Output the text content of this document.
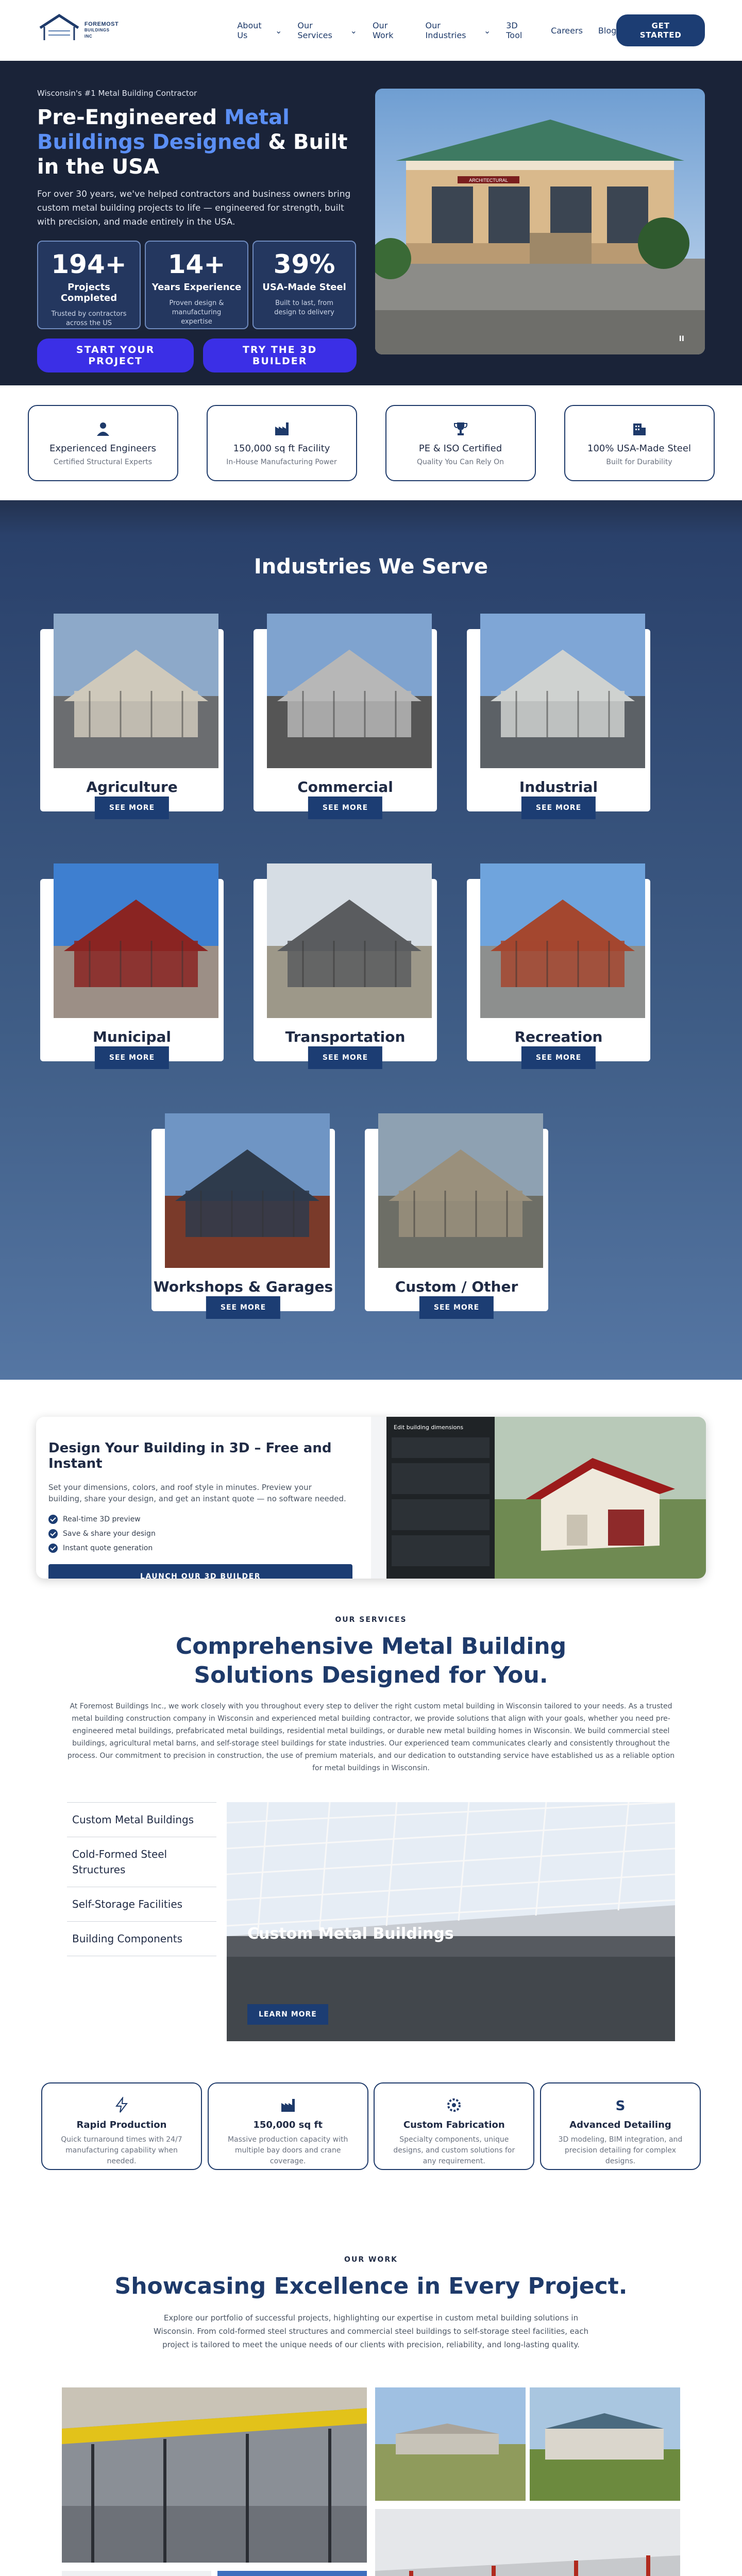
FOREMOST
BUILDINGS INC
About Us	⌄ Our Services	⌄ Our Work
Our Industries	⌄ 3D Tool	Careers Blog	GET STARTED
Wisconsin's #1 Metal Building Contractor
Pre-Engineered Metal Buildings Designed & Built in the USA

For over 30 years, we've helped contractors and business owners bring custom metal building projects to life — engineered for strength, built with precision, and made entirely in the USA.

194+
Projects Completed
Trusted by contractors across the US
14+
Years Experience
Proven design & manufacturing expertise
39%
USA-Made Steel
Built to last, from design to delivery
START YOUR PROJECT
TRY THE 3D BUILDER
ARCHITECTURAL
II
Experienced Engineers
Certified Structural Experts
150,000 sq ft Facility
In-House Manufacturing Power
PE & ISO Certified
Quality You Can Rely On
100% USA-Made Steel
Built for Durability
Industries We Serve
Agriculture
SEE MORE
Commercial
SEE MORE
Industrial
SEE MORE
Municipal
SEE MORE
Transportation
SEE MORE
Recreation
SEE MORE
Workshops & Garages
SEE MORE
Custom / Other
SEE MORE
Design Your Building in 3D – Free and Instant

Set your dimensions, colors, and roof style in minutes. Preview your building, share your design, and get an instant quote — no software needed.

Real-time 3D preview
Save & share your design
Instant quote generation
LAUNCH OUR 3D BUILDER
Edit building dimensions
OUR SERVICES
Comprehensive Metal Building Solutions Designed for You.

At Foremost Buildings Inc., we work closely with you throughout every step to deliver the right custom metal building in Wisconsin tailored to your needs. As a trusted metal building construction company in Wisconsin and experienced metal building contractor, we provide solutions that align with your goals, whether you need pre-engineered metal buildings, prefabricated metal buildings, residential metal buildings, or durable new metal building homes in Wisconsin. We build commercial steel buildings, agricultural metal barns, and self-storage steel buildings for state industries. Our experienced team communicates clearly and consistently throughout the process. Our commitment to precision in construction, the use of premium materials, and our dedication to outstanding service have established us as a reliable option for metal buildings in Wisconsin.

Custom Metal Buildings
Cold-Formed Steel Structures
Self-Storage Facilities
Building Components	Custom Metal Buildings
LEARN MORE
Rapid Production
Quick turnaround times with 24/7 manufacturing capability when needed.
150,000 sq ft
Massive production capacity with multiple bay doors and crane coverage.
Custom Fabrication
Specialty components, unique designs, and custom solutions for any requirement.
S
Advanced Detailing
3D modeling, BIM integration, and precision detailing for complex designs.
OUR WORK
Showcasing Excellence in Every Project.

Explore our portfolio of successful projects, highlighting our expertise in custom metal building solutions in Wisconsin. From cold-formed steel structures and commercial steel buildings to self-storage steel facilities, each project is tailored to meet the unique needs of our clients with precision, reliability, and long-lasting quality.
